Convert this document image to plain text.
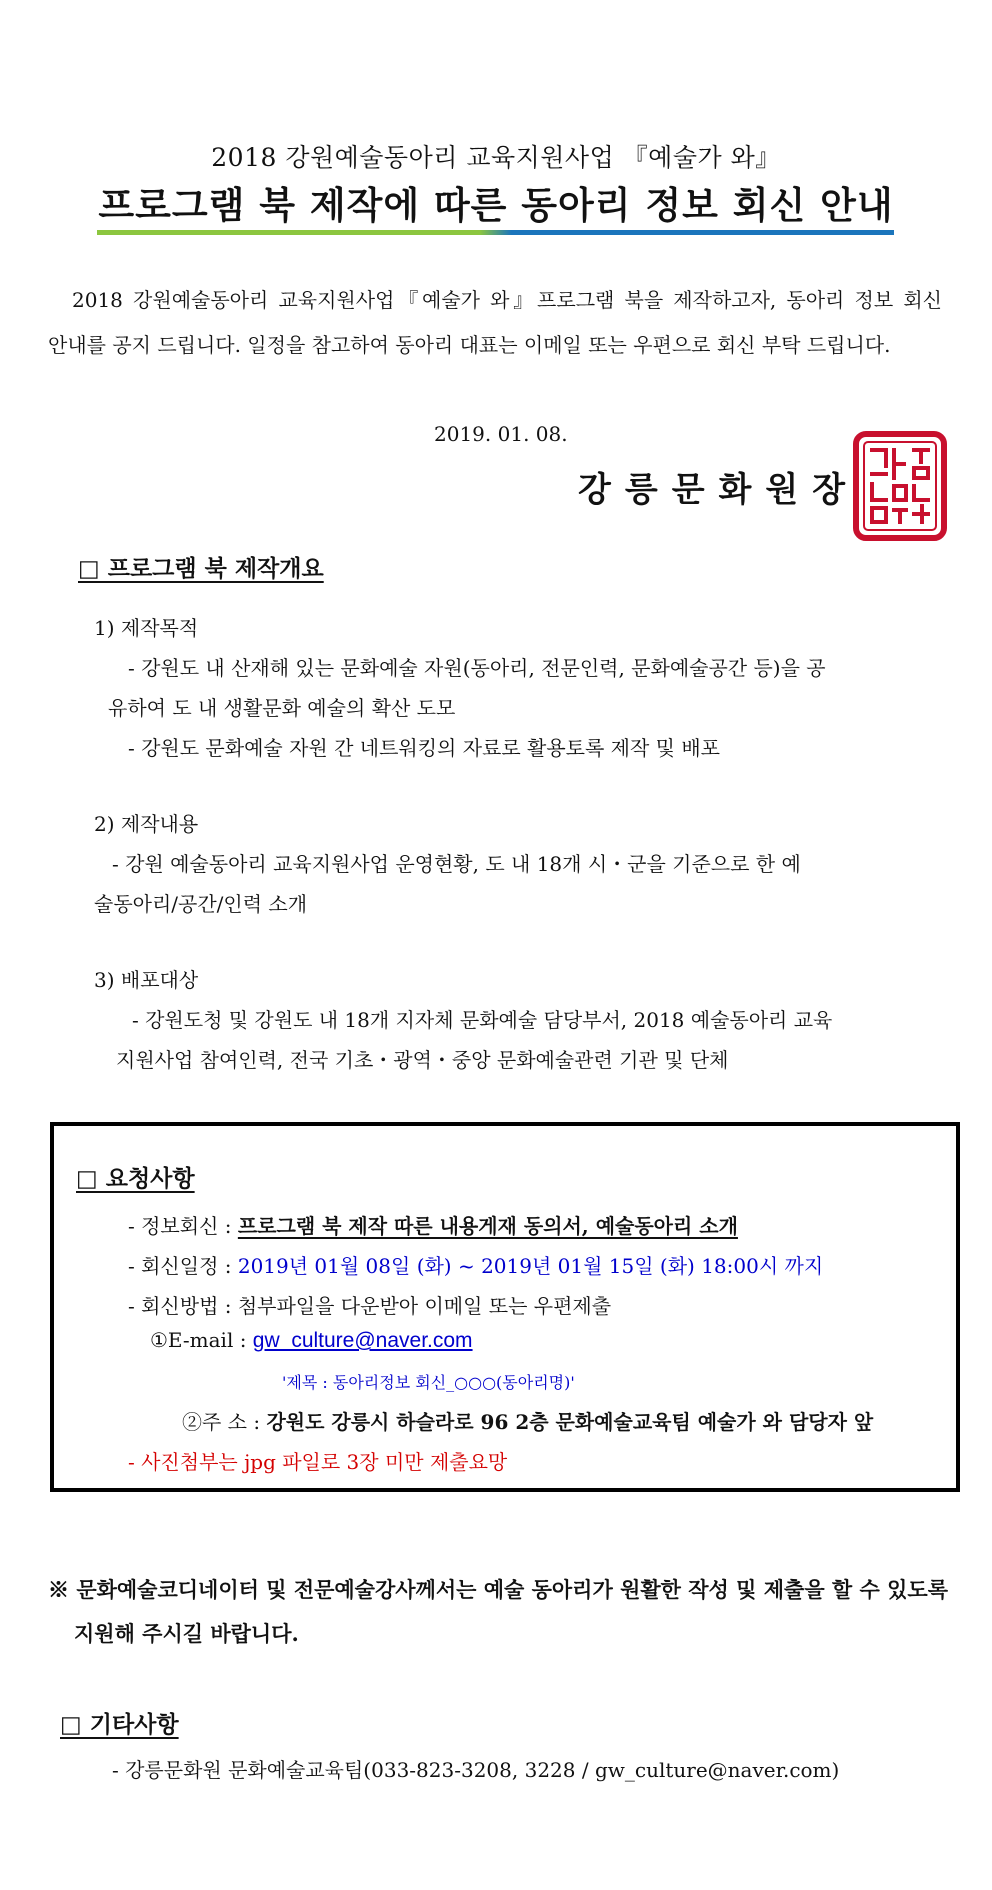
2018 강원예술동아리 교육지원사업 『예술가 와』
프로그램 북 제작에 따른 동아리 정보 회신 안내
2018 강원예술동아리 교육지원사업『예술가 와』프로그램 북을 제작하고자, 동아리 정보 회신 안내를 공지 드립니다. 일정을 참고하여 동아리 대표는 이메일 또는 우편으로 회신 부탁 드립니다.
2019. 01. 08.
강릉문화원장
□ 프로그램 북 제작개요
1) 제작목적
- 강원도 내 산재해 있는 문화예술 자원(동아리, 전문인력, 문화예술공간 등)을 공
유하여 도 내 생활문화 예술의 확산 도모
- 강원도 문화예술 자원 간 네트워킹의 자료로 활용토록 제작 및 배포
2) 제작내용
- 강원 예술동아리 교육지원사업 운영현황, 도 내 18개 시・군을 기준으로 한 예
술동아리/공간/인력 소개
3) 배포대상
- 강원도청 및 강원도 내 18개 지자체 문화예술 담당부서, 2018 예술동아리 교육
지원사업 참여인력, 전국 기초・광역・중앙 문화예술관련 기관 및 단체
□ 요청사항
- 정보회신 : 프로그램 북 제작 따른 내용게재 동의서, 예술동아리 소개
- 회신일정 : 2019년 01월 08일 (화) ~ 2019년 01월 15일 (화) 18:00시 까지
- 회신방법 : 첨부파일을 다운받아 이메일 또는 우편제출
①E-mail : gw_culture@naver.com
'제목 : 동아리정보 회신_○○○(동아리명)'
②주 소 : 강원도 강릉시 하슬라로 96 2층 문화예술교육팀 예술가 와 담당자 앞
- 사진첨부는 jpg 파일로 3장 미만 제출요망
※ 문화예술코디네이터 및 전문예술강사께서는 예술 동아리가 원활한 작성 및 제출을 할 수 있도록 지원해 주시길 바랍니다.
□ 기타사항
- 강릉문화원 문화예술교육팀(033-823-3208, 3228 / gw_culture@naver.com)
